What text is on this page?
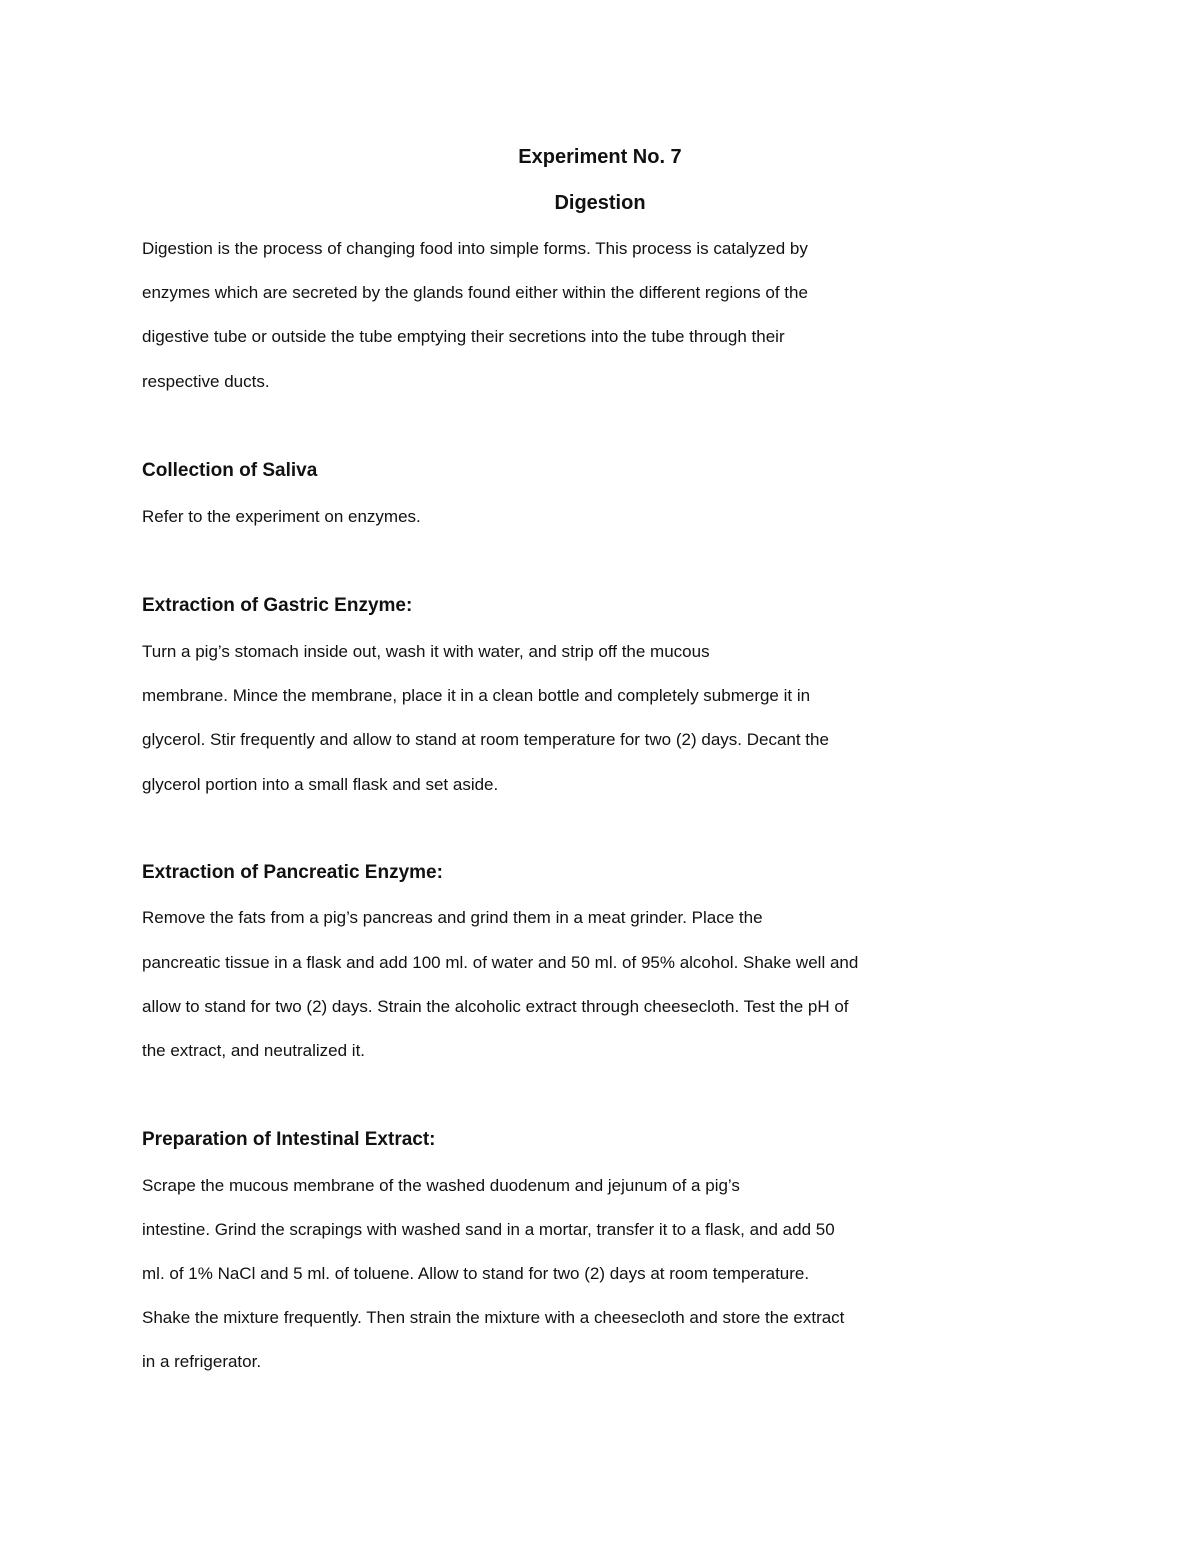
Experiment No. 7
Digestion
Digestion is the process of changing food into simple forms. This process is catalyzed by
enzymes which are secreted by the glands found either within the different regions of the
digestive tube or outside the tube emptying their secretions into the tube through their
respective ducts.
Collection of Saliva
Refer to the experiment on enzymes.
Extraction of Gastric Enzyme:
Turn a pig’s stomach inside out, wash it with water, and strip off the mucous
membrane. Mince the membrane, place it in a clean bottle and completely submerge it in
glycerol. Stir frequently and allow to stand at room temperature for two (2) days. Decant the
glycerol portion into a small flask and set aside.
Extraction of Pancreatic Enzyme:
Remove the fats from a pig’s pancreas and grind them in a meat grinder. Place the
pancreatic tissue in a flask and add 100 ml. of water and 50 ml. of 95% alcohol. Shake well and
allow to stand for two (2) days. Strain the alcoholic extract through cheesecloth. Test the pH of
the extract, and neutralized it.
Preparation of Intestinal Extract:
Scrape the mucous membrane of the washed duodenum and jejunum of a pig’s
intestine. Grind the scrapings with washed sand in a mortar, transfer it to a flask, and add 50
ml. of 1% NaCl and 5 ml. of toluene. Allow to stand for two (2) days at room temperature.
Shake the mixture frequently. Then strain the mixture with a cheesecloth and store the extract
in a refrigerator.
